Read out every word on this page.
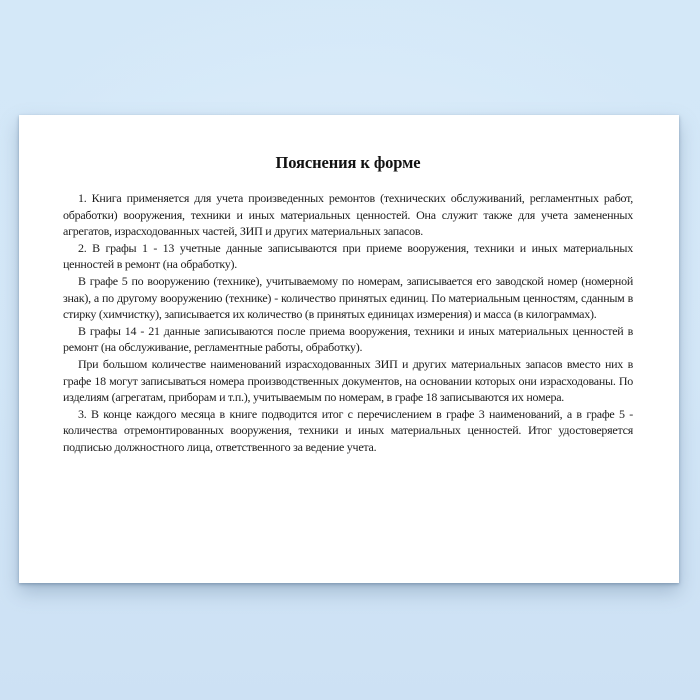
Пояснения к форме

1. Книга применяется для учета произведенных ремонтов (технических обслуживаний, регламентных работ, обработки) вооружения, техники и иных материальных ценностей. Она служит также для учета замененных агрегатов, израсходованных частей, ЗИП и других материальных запасов.

2. В графы 1 - 13 учетные данные записываются при приеме вооружения, техники и иных материальных ценностей в ремонт (на обработку).

В графе 5 по вооружению (технике), учитываемому по номерам, записывается его заводской номер (номерной знак), а по другому вооружению (технике) - количество принятых единиц. По материальным ценностям, сданным в стирку (химчистку), записывается их количество (в принятых единицах измерения) и масса (в килограммах).

В графы 14 - 21 данные записываются после приема вооружения, техники и иных материальных ценностей в ремонт (на обслуживание, регламентные работы, обработку).

При большом количестве наименований израсходованных ЗИП и других материальных запасов вместо них в графе 18 могут записываться номера производственных документов, на основании которых они израсходованы. По изделиям (агрегатам, приборам и т.п.), учитываемым по номерам, в графе 18 записываются их номера.

3. В конце каждого месяца в книге подводится итог с перечислением в графе 3 наименований, а в графе 5 - количества отремонтированных вооружения, техники и иных материальных ценностей. Итог удостоверяется подписью должностного лица, ответственного за ведение учета.
